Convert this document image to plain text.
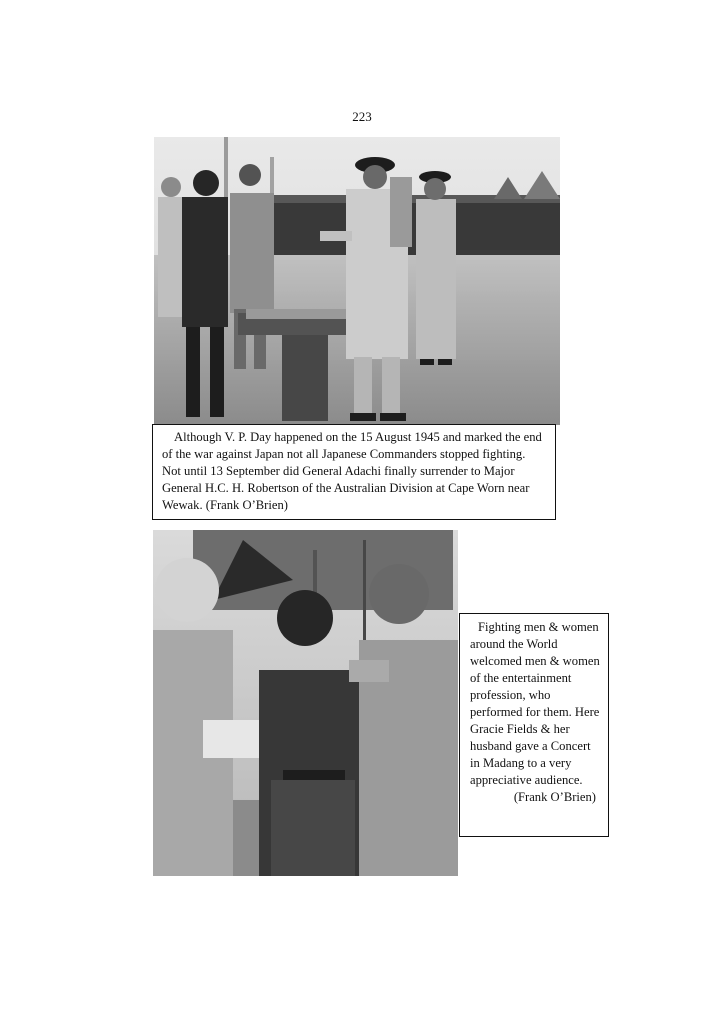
223

Although V. P. Day happened on the 15 August 1945 and marked the end of the war against Japan not all Japanese Commanders stopped fighting. Not until 13 September did General Adachi finally surrender to Major General H.C. H. Robertson of the Australian Division at Cape Worn near Wewak. (Frank O’Brien)

Fighting men & women around the World welcomed men & women of the entertainment profession, who performed for them. Here Gracie Fields & her husband gave a Concert in Madang to a very appreciative audience.

(Frank O’Brien)
